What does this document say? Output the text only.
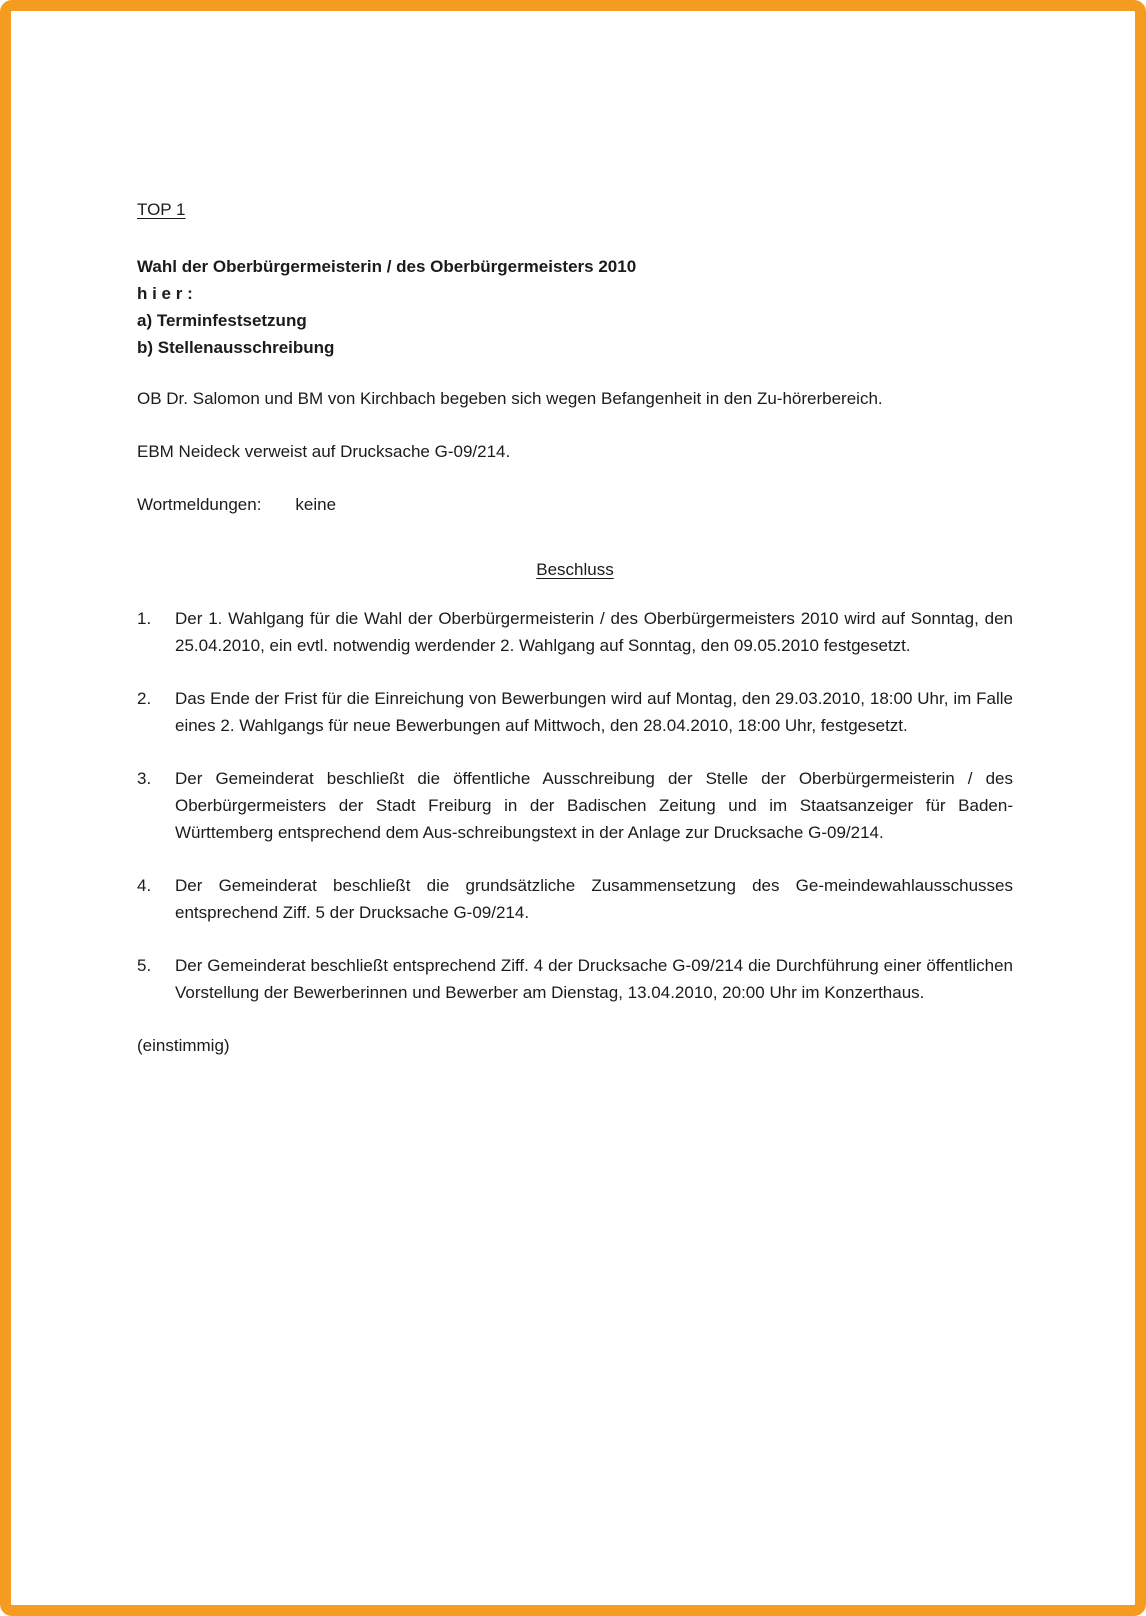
TOP 1
Wahl der Oberbürgermeisterin / des Oberbürgermeisters 2010
h i e r :
a) Terminfestsetzung
b) Stellenausschreibung
OB Dr. Salomon und BM von Kirchbach begeben sich wegen Befangenheit in den Zu-hörerbereich.
EBM Neideck verweist auf Drucksache G-09/214.
Wortmeldungen: keine
Beschluss
1.	Der 1. Wahlgang für die Wahl der Oberbürgermeisterin / des Oberbürgermeisters 2010 wird auf Sonntag, den 25.04.2010, ein evtl. notwendig werdender 2. Wahlgang auf Sonntag, den 09.05.2010 festgesetzt.
2.	Das Ende der Frist für die Einreichung von Bewerbungen wird auf Montag, den 29.03.2010, 18:00 Uhr, im Falle eines 2. Wahlgangs für neue Bewerbungen auf Mittwoch, den 28.04.2010, 18:00 Uhr, festgesetzt.
3.	Der Gemeinderat beschließt die öffentliche Ausschreibung der Stelle der Oberbürgermeisterin / des Oberbürgermeisters der Stadt Freiburg in der Badischen Zeitung und im Staatsanzeiger für Baden-Württemberg entsprechend dem Aus-schreibungstext in der Anlage zur Drucksache G-09/214.
4.	Der Gemeinderat beschließt die grundsätzliche Zusammensetzung des Ge-meindewahlausschusses entsprechend Ziff. 5 der Drucksache G-09/214.
5.	Der Gemeinderat beschließt entsprechend Ziff. 4 der Drucksache G-09/214 die Durchführung einer öffentlichen Vorstellung der Bewerberinnen und Bewerber am Dienstag, 13.04.2010, 20:00 Uhr im Konzerthaus.
(einstimmig)
